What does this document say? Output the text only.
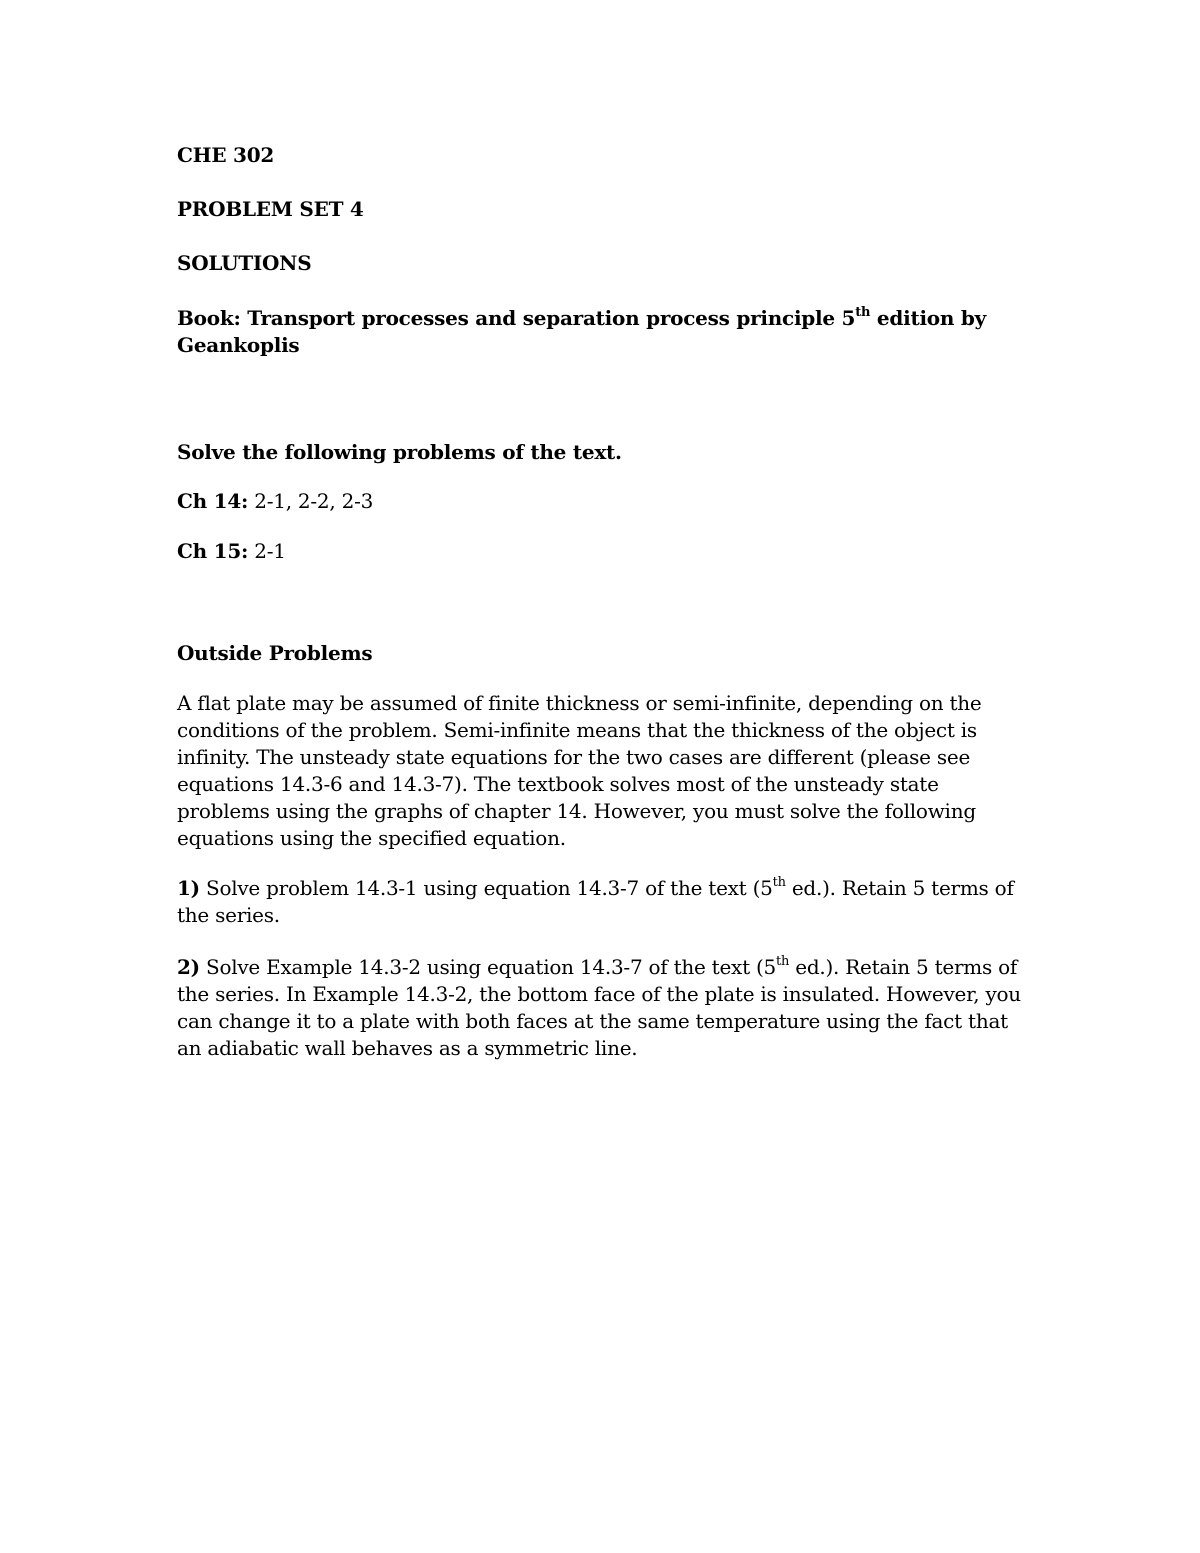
CHE 302

PROBLEM SET 4

SOLUTIONS

Book: Transport processes and separation process principle 5th edition by Geankoplis

Solve the following problems of the text.

Ch 14: 2-1, 2-2, 2-3

Ch 15: 2-1

Outside Problems

A flat plate may be assumed of finite thickness or semi-infinite, depending on the conditions of the problem. Semi-infinite means that the thickness of the object is infinity. The unsteady state equations for the two cases are different (please see equations 14.3-6 and 14.3-7). The textbook solves most of the unsteady state problems using the graphs of chapter 14. However, you must solve the following equations using the specified equation.

1) Solve problem 14.3-1 using equation 14.3-7 of the text (5th ed.). Retain 5 terms of the series.

2) Solve Example 14.3-2 using equation 14.3-7 of the text (5th ed.). Retain 5 terms of the series. In Example 14.3-2, the bottom face of the plate is insulated. However, you can change it to a plate with both faces at the same temperature using the fact that an adiabatic wall behaves as a symmetric line.
